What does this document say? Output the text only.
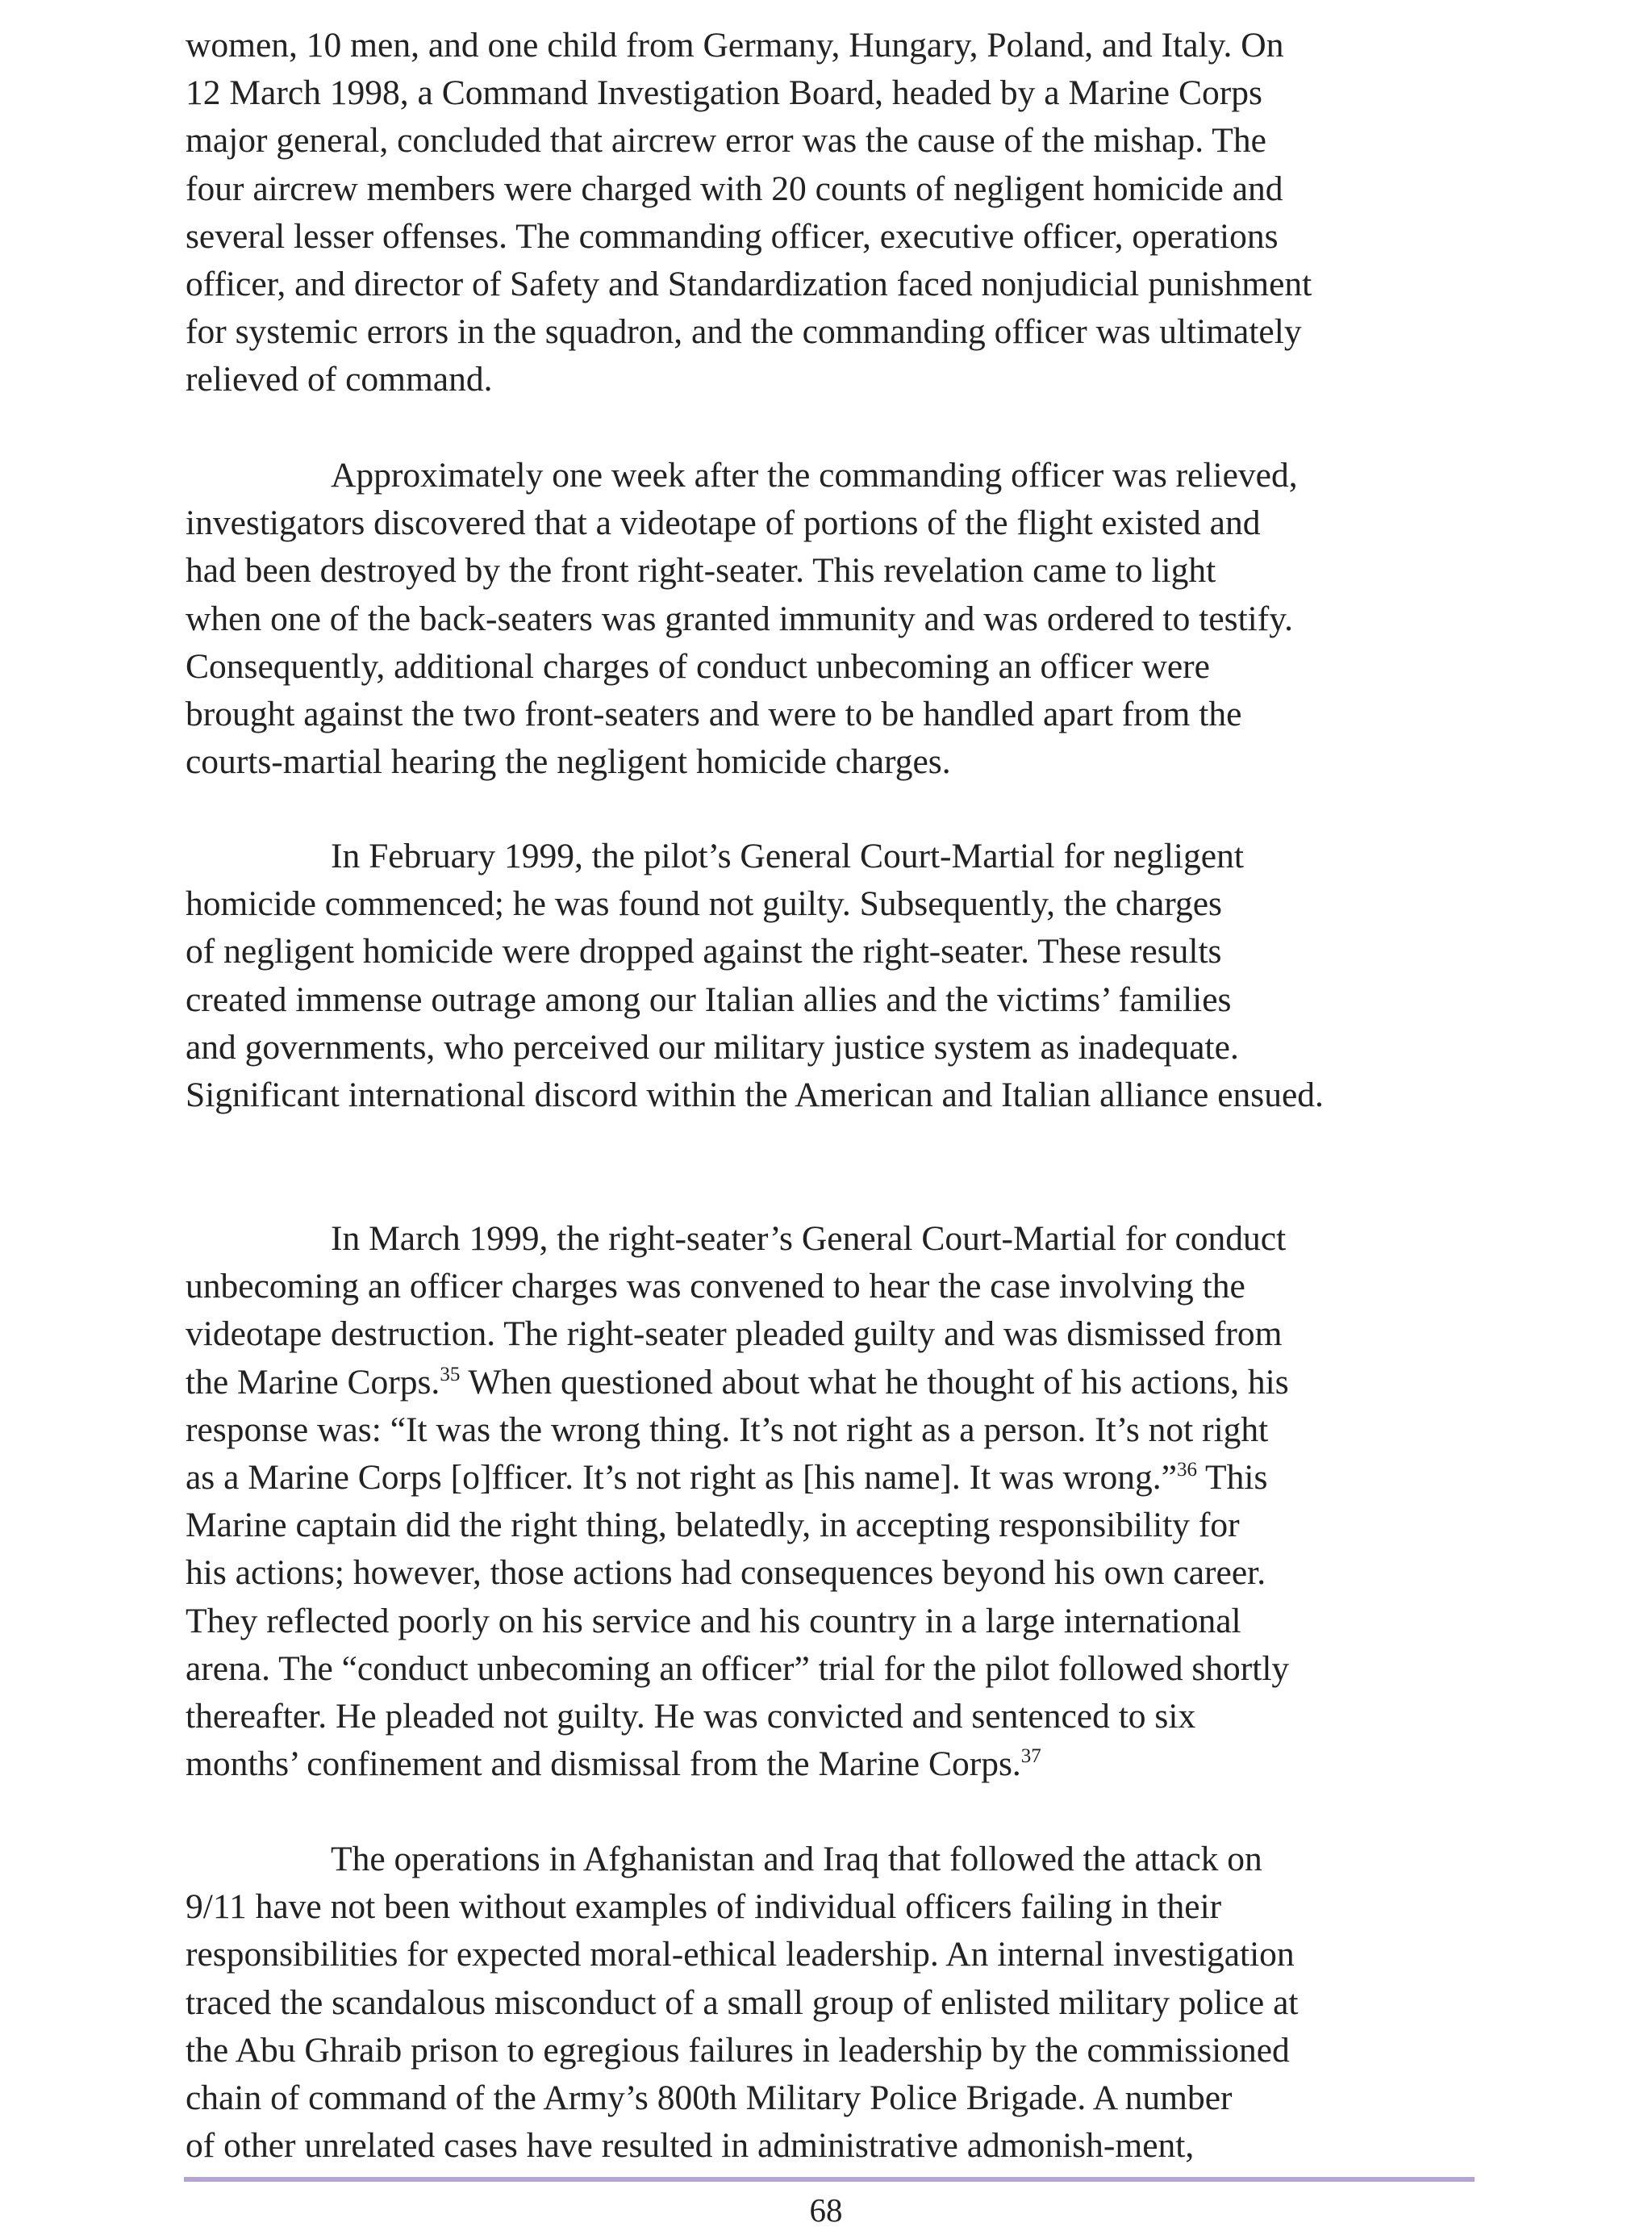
women, 10 men, and one child from Germany, Hungary, Poland, and Italy. On
12 March 1998, a Command Investigation Board, headed by a Marine Corps
major general, concluded that aircrew error was the cause of the mishap. The
four aircrew members were charged with 20 counts of negligent homicide and
several lesser offenses. The commanding officer, executive officer, operations
officer, and director of Safety and Standardization faced nonjudicial punishment
for systemic errors in the squadron, and the commanding officer was ultimately
relieved of command.
Approximately one week after the commanding officer was relieved,
investigators discovered that a videotape of portions of the flight existed and
had been destroyed by the front right-seater. This revelation came to light
when one of the back-seaters was granted immunity and was ordered to testify.
Consequently, additional charges of conduct unbecoming an officer were
brought against the two front-seaters and were to be handled apart from the
courts-martial hearing the negligent homicide charges.
In February 1999, the pilot’s General Court-Martial for negligent
homicide commenced; he was found not guilty. Subsequently, the charges
of negligent homicide were dropped against the right-seater. These results
created immense outrage among our Italian allies and the victims’ families
and governments, who perceived our military justice system as inadequate.
Significant international discord within the American and Italian alliance ensued.
In March 1999, the right-seater’s General Court-Martial for conduct
unbecoming an officer charges was convened to hear the case involving the
videotape destruction. The right-seater pleaded guilty and was dismissed from
the Marine Corps.$^{35}$ When questioned about what he thought of his actions, his
response was: “It was the wrong thing. It’s not right as a person. It’s not right
as a Marine Corps [o]fficer. It’s not right as [his name]. It was wrong.”$^{36}$ This
Marine captain did the right thing, belatedly, in accepting responsibility for
his actions; however, those actions had consequences beyond his own career.
They reflected poorly on his service and his country in a large international
arena. The “conduct unbecoming an officer” trial for the pilot followed shortly
thereafter. He pleaded not guilty. He was convicted and sentenced to six
months’ confinement and dismissal from the Marine Corps.$^{37}$
The operations in Afghanistan and Iraq that followed the attack on
9/11 have not been without examples of individual officers failing in their
responsibilities for expected moral-ethical leadership. An internal investigation
traced the scandalous misconduct of a small group of enlisted military police at
the Abu Ghraib prison to egregious failures in leadership by the commissioned
chain of command of the Army’s 800th Military Police Brigade. A number
of other unrelated cases have resulted in administrative admonish-ment,
68
